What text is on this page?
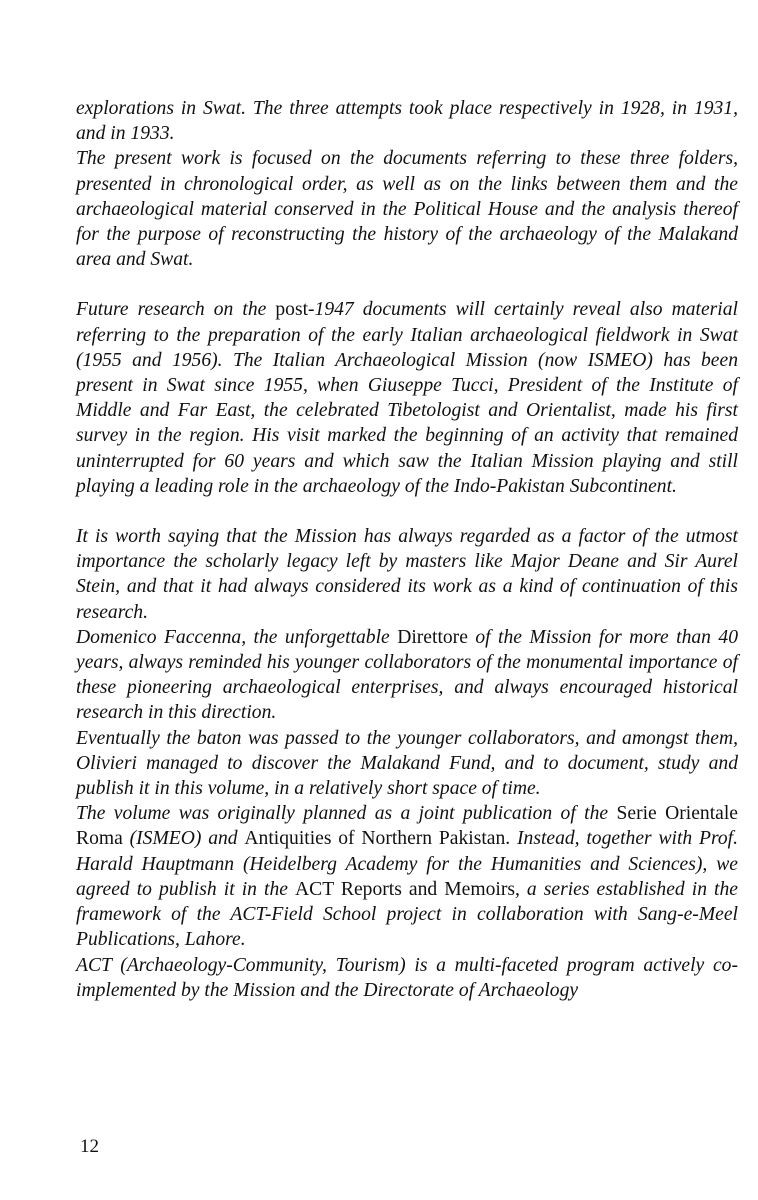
explorations in Swat. The three attempts took place respectively in 1928, in 1931, and in 1933.

The present work is focused on the documents referring to these three folders, presented in chronological order, as well as on the links between them and the archaeological material conserved in the Political House and the analysis thereof for the purpose of reconstructing the history of the archaeology of the Malakand area and Swat.

Future research on the post-1947 documents will certainly reveal also material referring to the preparation of the early Italian archaeological fieldwork in Swat (1955 and 1956). The Italian Archaeological Mission (now ISMEO) has been present in Swat since 1955, when Giuseppe Tucci, President of the Institute of Middle and Far East, the celebrated Tibetologist and Orientalist, made his first survey in the region. His visit marked the beginning of an activity that remained uninterrupted for 60 years and which saw the Italian Mission playing and still playing a leading role in the archaeology of the Indo-Pakistan Subcontinent.

It is worth saying that the Mission has always regarded as a factor of the utmost importance the scholarly legacy left by masters like Major Deane and Sir Aurel Stein, and that it had always considered its work as a kind of continuation of this research.

Domenico Faccenna, the unforgettable Direttore of the Mission for more than 40 years, always reminded his younger collaborators of the monumental importance of these pioneering archaeological enterprises, and always encouraged historical research in this direction.

Eventually the baton was passed to the younger collaborators, and amongst them, Olivieri managed to discover the Malakand Fund, and to document, study and publish it in this volume, in a relatively short space of time.

The volume was originally planned as a joint publication of the Serie Orientale Roma (ISMEO) and Antiquities of Northern Pakistan. Instead, together with Prof. Harald Hauptmann (Heidelberg Academy for the Humanities and Sciences), we agreed to publish it in the ACT Reports and Memoirs, a series established in the framework of the ACT-Field School project in collaboration with Sang-e-Meel Publications, Lahore.

ACT (Archaeology-Community, Tourism) is a multi-faceted program actively co-implemented by the Mission and the Directorate of Archaeology

12
